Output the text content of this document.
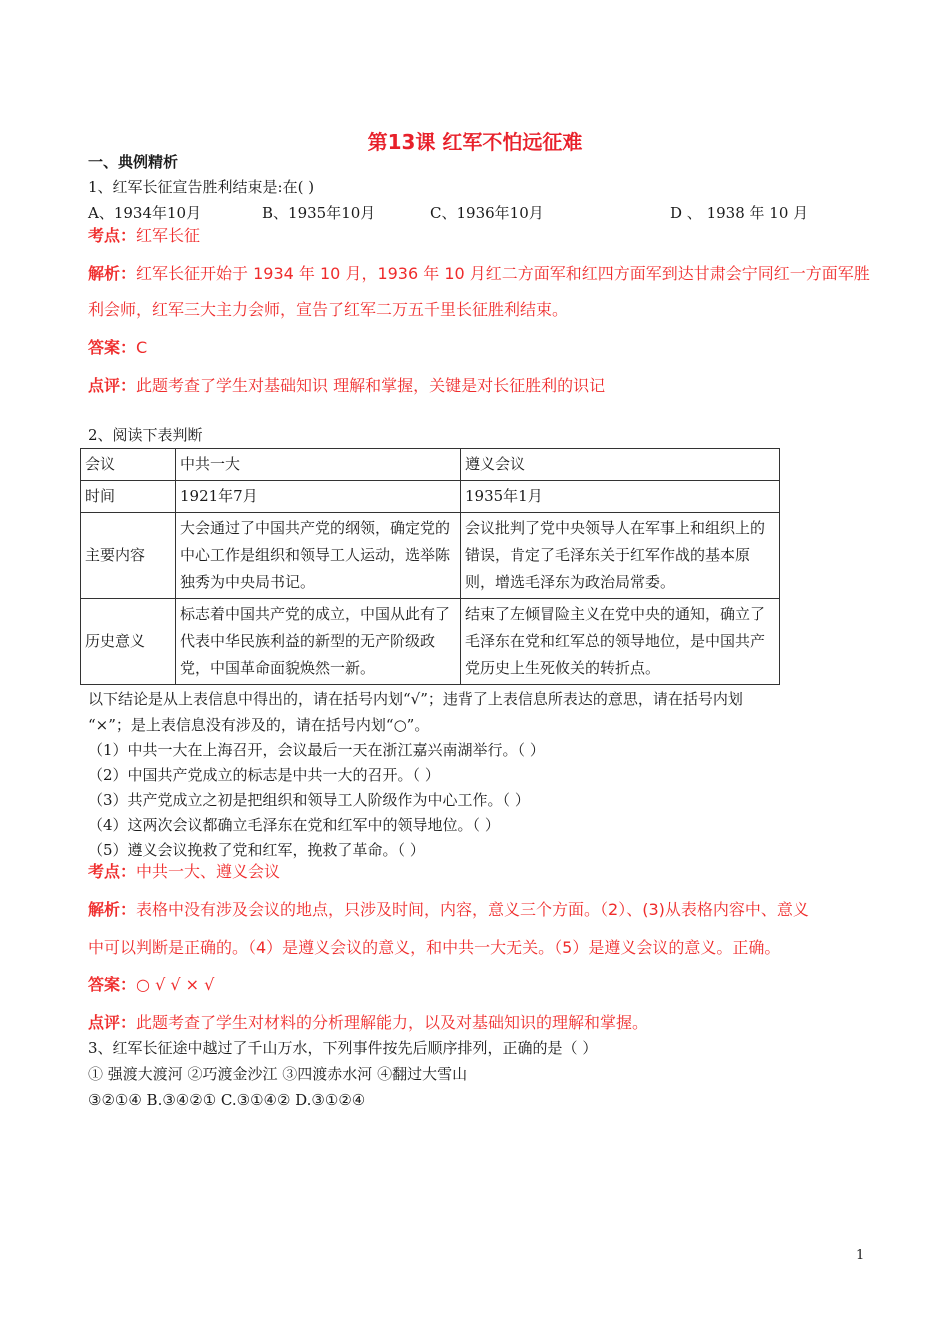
第13课 红军不怕远征难
一、典例精析
1、红军长征宣告胜利结束是:在( )
A、1934年10月	B、1935年10月	C、1936年10月	D 、 1938 年 10 月
考点：红军长征
解析：红军长征开始于 1934 年 10 月，1936 年 10 月红二方面军和红四方面军到达甘肃会宁同红一方面军胜
利会师，红军三大主力会师，宣告了红军二万五千里长征胜利结束。
答案：C
点评：此题考查了学生对基础知识 理解和掌握，关键是对长征胜利的识记
2、阅读下表判断
会议	中共一大	遵义会议
时间	1921年7月	1935年1月
主要内容	大会通过了中国共产党的纲领，确定党的中心工作是组织和领导工人运动，选举陈独秀为中央局书记。	会议批判了党中央领导人在军事上和组织上的错误，肯定了毛泽东关于红军作战的基本原则，增选毛泽东为政治局常委。
历史意义	标志着中国共产党的成立，中国从此有了代表中华民族利益的新型的无产阶级政党，中国革命面貌焕然一新。	结束了左倾冒险主义在党中央的通知，确立了毛泽东在党和红军总的领导地位，是中国共产党历史上生死攸关的转折点。
以下结论是从上表信息中得出的，请在括号内划“√”；违背了上表信息所表达的意思，请在括号内划
“×”；是上表信息没有涉及的，请在括号内划“○”。
（1）中共一大在上海召开，会议最后一天在浙江嘉兴南湖举行。（ ）
（2）中国共产党成立的标志是中共一大的召开。（ ）
（3）共产党成立之初是把组织和领导工人阶级作为中心工作。（ ）
（4）这两次会议都确立毛泽东在党和红军中的领导地位。（ ）
（5）遵义会议挽救了党和红军，挽救了革命。（ ）
考点：中共一大、遵义会议
解析：表格中没有涉及会议的地点，只涉及时间，内容，意义三个方面。（2）、(3)从表格内容中、意义
中可以判断是正确的。（4）是遵义会议的意义，和中共一大无关。（5）是遵义会议的意义。正确。
答案：○ √ √ × √
点评：此题考查了学生对材料的分析理解能力，以及对基础知识的理解和掌握。
3、红军长征途中越过了千山万水，下列事件按先后顺序排列，正确的是（ ）
① 强渡大渡河 ②巧渡金沙江 ③四渡赤水河 ④翻过大雪山
③②①④ B.③④②① C.③①④② D.③①②④
1
